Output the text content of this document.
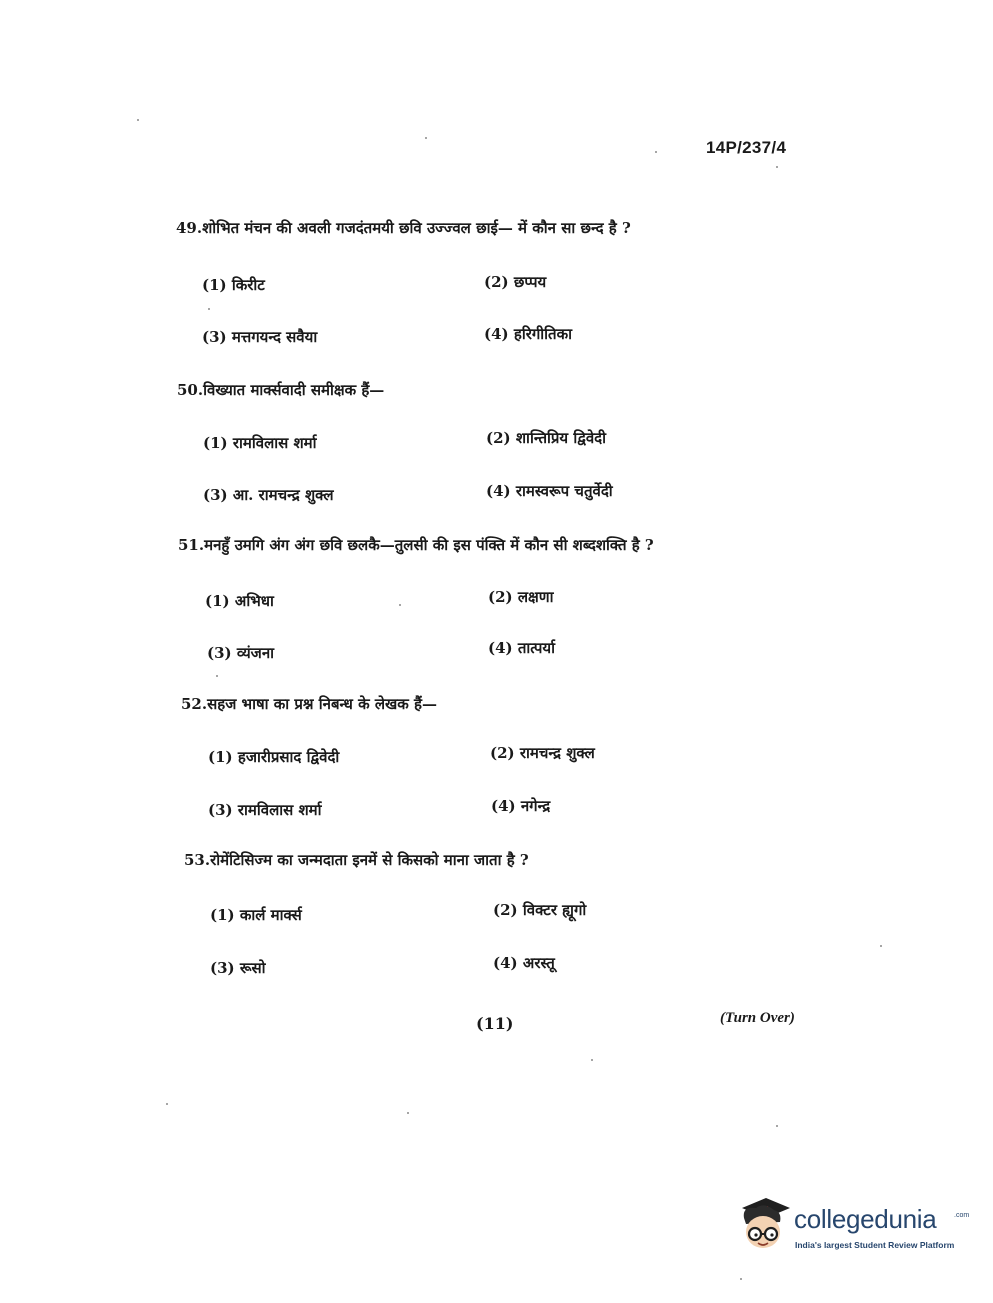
14P/237/4
49.शोभित मंचन की अवली गजदंतमयी छवि उज्ज्वल छाई— में कौन सा छन्द है ?
(1) किरीट	(2) छप्पय
(3) मत्तगयन्द सवैया	(4) हरिगीतिका
50.विख्यात मार्क्सवादी समीक्षक हैं—
(1) रामविलास शर्मा	(2) शान्तिप्रिय द्विवेदी
(3) आ. रामचन्द्र शुक्ल	(4) रामस्वरूप चतुर्वेदी
51.मनहुँ उमगि अंग अंग छवि छलकै—तुलसी की इस पंक्ति में कौन सी शब्दशक्ति है ?
(1) अभिधा	(2) लक्षणा
(3) व्यंजना	(4) तात्पर्या
52.सहज भाषा का प्रश्न निबन्ध के लेखक हैं—
(1) हजारीप्रसाद द्विवेदी	(2) रामचन्द्र शुक्ल
(3) रामविलास शर्मा	(4) नगेन्द्र
53.रोमेंटिसिज्म का जन्मदाता इनमें से किसको माना जाता है ?
(1) कार्ल मार्क्स	(2) विक्टर ह्यूगो
(3) रूसो	(4) अरस्तू
(11)	(Turn Over)
collegedunia	.com
India's largest Student Review Platform
